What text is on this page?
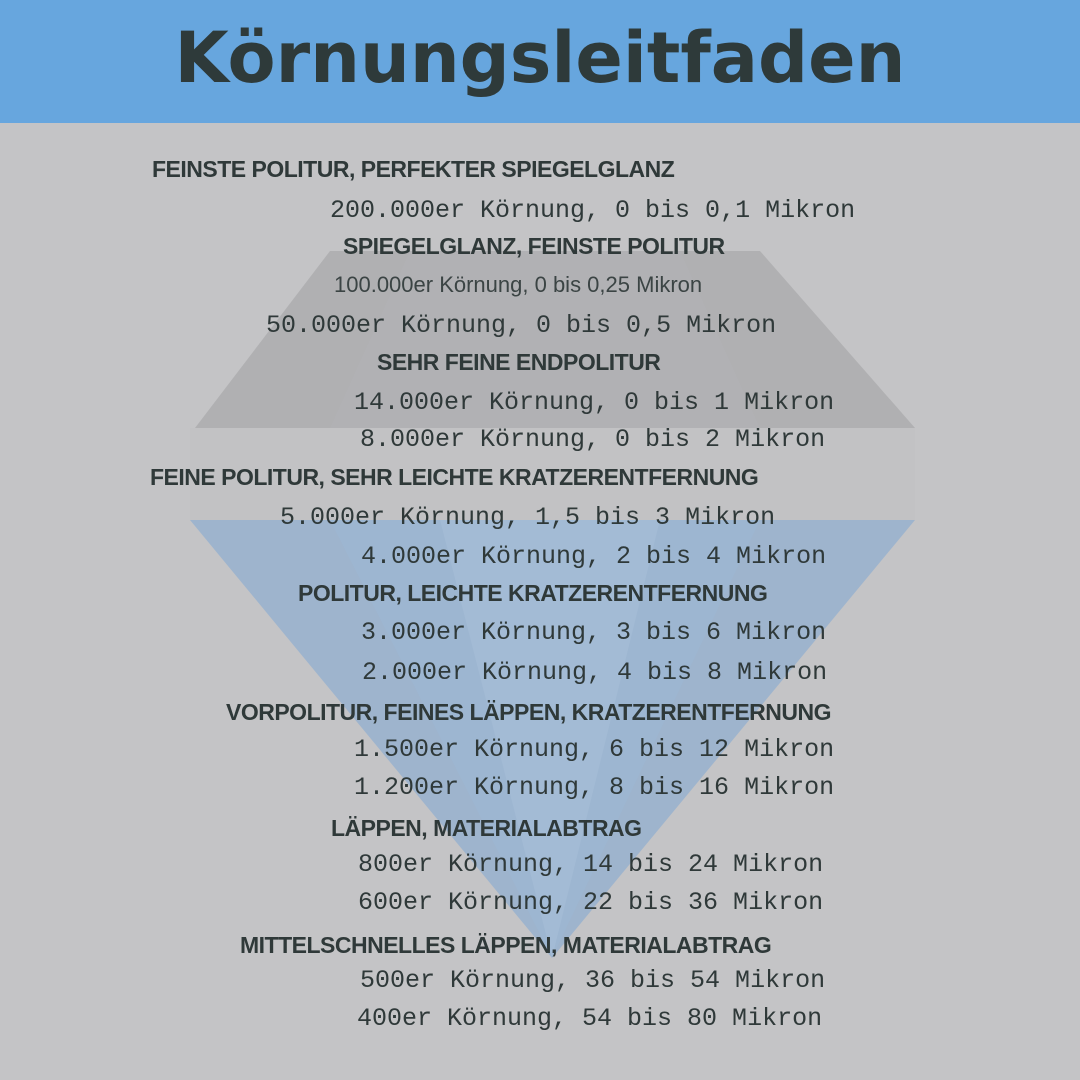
Körnungsleitfaden
FEINSTE POLITUR, PERFEKTER SPIEGELGLANZ
200.000er Körnung, 0 bis 0,1 Mikron
SPIEGELGLANZ, FEINSTE POLITUR
100.000er Körnung, 0 bis 0,25 Mikron
50.000er Körnung, 0 bis 0,5 Mikron
SEHR FEINE ENDPOLITUR
14.000er Körnung, 0 bis 1 Mikron
8.000er Körnung, 0 bis 2 Mikron
FEINE POLITUR, SEHR LEICHTE KRATZERENTFERNUNG
5.000er Körnung, 1,5 bis 3 Mikron
4.000er Körnung, 2 bis 4 Mikron
POLITUR, LEICHTE KRATZERENTFERNUNG
3.000er Körnung, 3 bis 6 Mikron
2.000er Körnung, 4 bis 8 Mikron
VORPOLITUR, FEINES LÄPPEN, KRATZERENTFERNUNG
1.500er Körnung, 6 bis 12 Mikron
1.200er Körnung, 8 bis 16 Mikron
LÄPPEN, MATERIALABTRAG
800er Körnung, 14 bis 24 Mikron
600er Körnung, 22 bis 36 Mikron
MITTELSCHNELLES LÄPPEN, MATERIALABTRAG
500er Körnung, 36 bis 54 Mikron
400er Körnung, 54 bis 80 Mikron
